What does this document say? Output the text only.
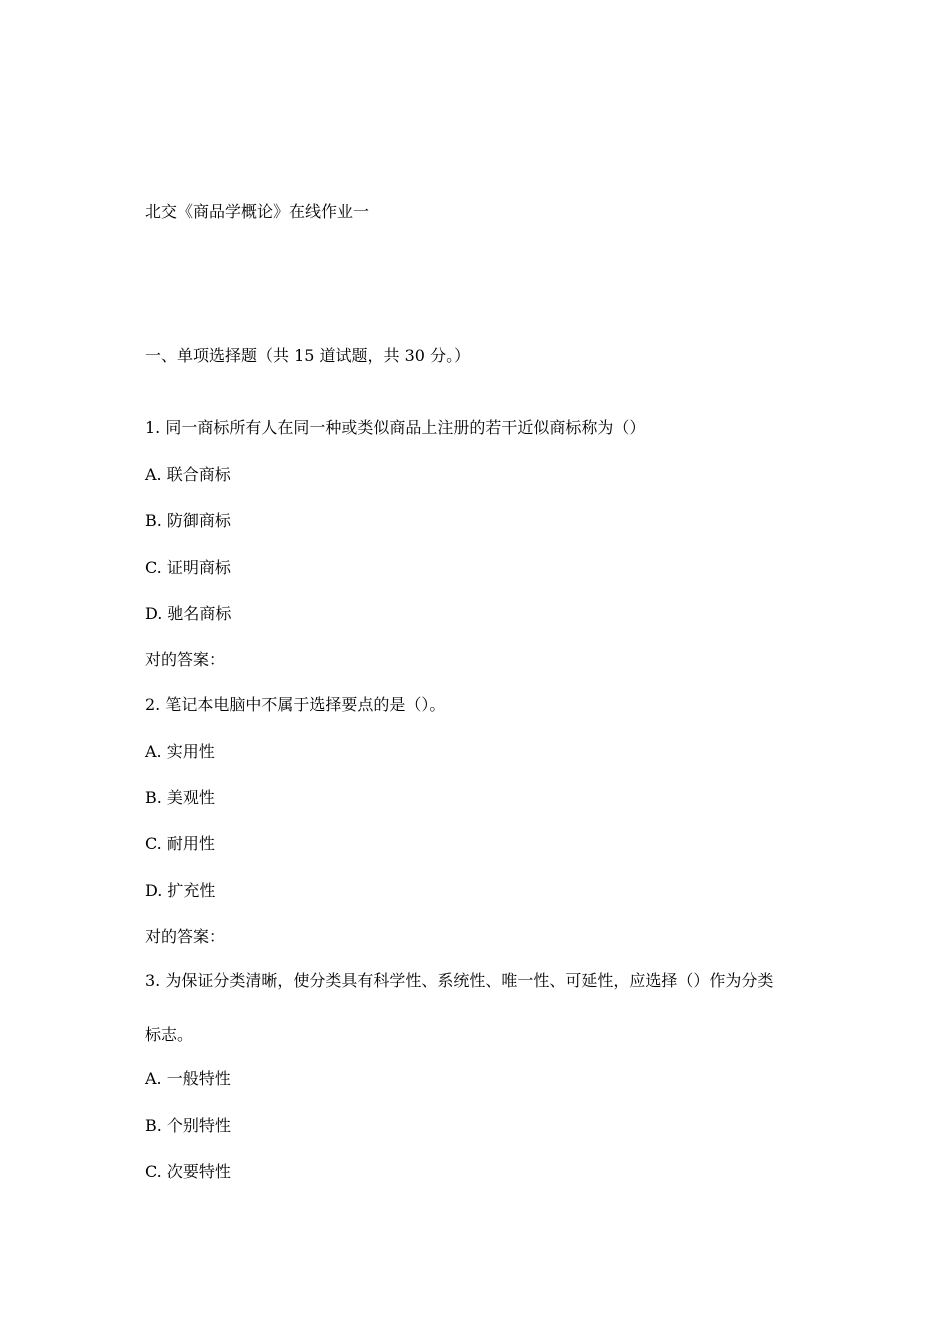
北交《商品学概论》在线作业一
一、单项选择题（共 15 道试题，共 30 分。）
1. 同一商标所有人在同一种或类似商品上注册的若干近似商标称为（）
A. 联合商标
B. 防御商标
C. 证明商标
D. 驰名商标
对的答案：
2. 笔记本电脑中不属于选择要点的是（）。
A. 实用性
B. 美观性
C. 耐用性
D. 扩充性
对的答案：
3. 为保证分类清晰，使分类具有科学性、系统性、唯一性、可延性，应选择（）作为分类
标志。
A. 一般特性
B. 个别特性
C. 次要特性
